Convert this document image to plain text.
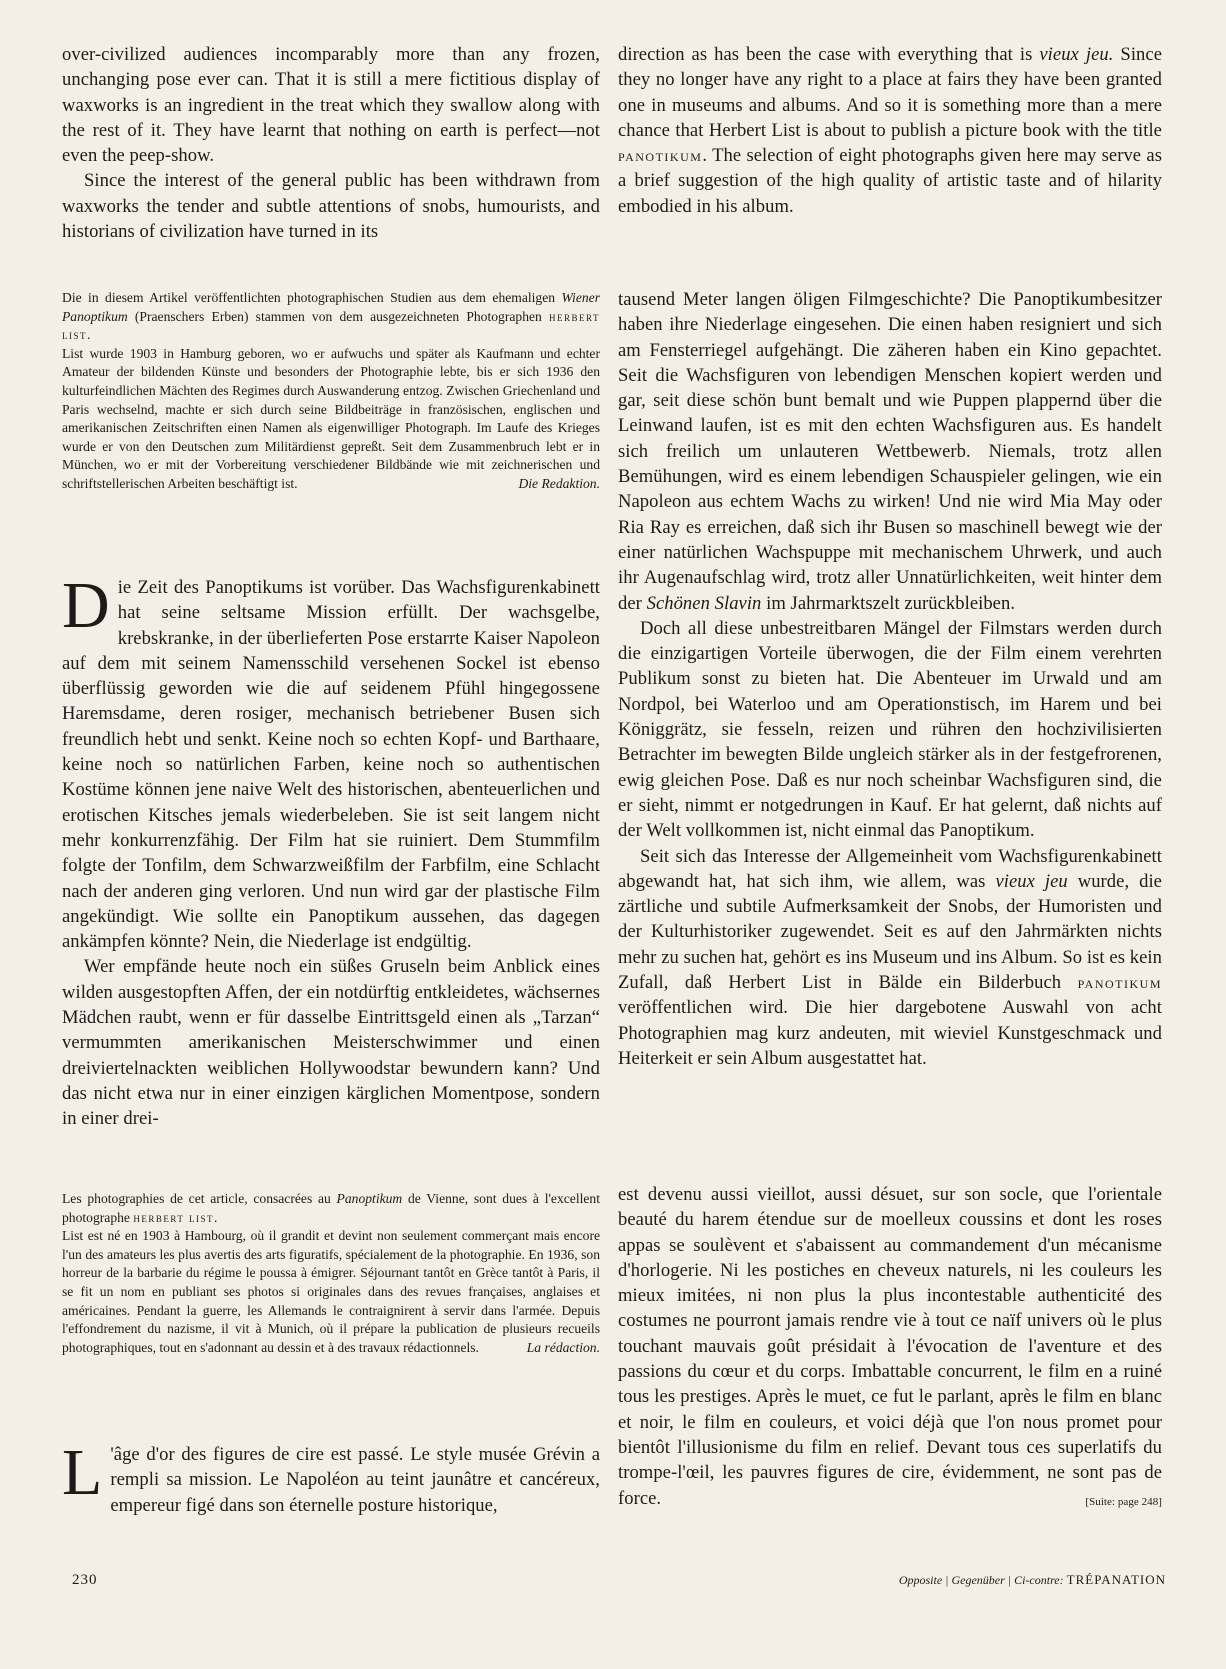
over-civilized audiences incomparably more than any frozen, unchanging pose ever can. That it is still a mere fictitious display of waxworks is an ingredient in the treat which they swallow along with the rest of it. They have learnt that nothing on earth is perfect—not even the peep-show.

Since the interest of the general public has been withdrawn from waxworks the tender and subtle attentions of snobs, humourists, and historians of civilization have turned in its

direction as has been the case with everything that is vieux jeu. Since they no longer have any right to a place at fairs they have been granted one in museums and albums. And so it is something more than a mere chance that Herbert List is about to publish a picture book with the title panotikum. The selection of eight photographs given here may serve as a brief suggestion of the high quality of artistic taste and of hilarity embodied in his album.

Die in diesem Artikel veröffentlichten photographischen Studien aus dem ehemaligen Wiener Panoptikum (Praenschers Erben) stammen von dem ausgezeichneten Photographen herbert list.

List wurde 1903 in Hamburg geboren, wo er aufwuchs und später als Kaufmann und echter Amateur der bildenden Künste und besonders der Photographie lebte, bis er sich 1936 den kulturfeindlichen Mächten des Regimes durch Auswanderung entzog. Zwischen Griechenland und Paris wechselnd, machte er sich durch seine Bildbeiträge in französischen, englischen und amerikanischen Zeitschriften einen Namen als eigenwilliger Photograph. Im Laufe des Krieges wurde er von den Deutschen zum Militärdienst gepreßt. Seit dem Zusammenbruch lebt er in München, wo er mit der Vorbereitung verschiedener Bildbände wie mit zeichnerischen und schriftstellerischen Arbeiten beschäftigt ist.	Die Redaktion.

Die Zeit des Panoptikums ist vorüber. Das Wachsfigurenkabinett hat seine seltsame Mission erfüllt. Der wachsgelbe, krebskranke, in der überlieferten Pose erstarrte Kaiser Napoleon auf dem mit seinem Namensschild versehenen Sockel ist ebenso überflüssig geworden wie die auf seidenem Pfühl hingegossene Haremsdame, deren rosiger, mechanisch betriebener Busen sich freundlich hebt und senkt. Keine noch so echten Kopf- und Barthaare, keine noch so natürlichen Farben, keine noch so authentischen Kostüme können jene naive Welt des historischen, abenteuerlichen und erotischen Kitsches jemals wiederbeleben. Sie ist seit langem nicht mehr konkurrenzfähig. Der Film hat sie ruiniert. Dem Stummfilm folgte der Tonfilm, dem Schwarzweißfilm der Farbfilm, eine Schlacht nach der anderen ging verloren. Und nun wird gar der plastische Film angekündigt. Wie sollte ein Panoptikum aussehen, das dagegen ankämpfen könnte? Nein, die Niederlage ist endgültig.

Wer empfände heute noch ein süßes Gruseln beim Anblick eines wilden ausgestopften Affen, der ein notdürftig entkleidetes, wächsernes Mädchen raubt, wenn er für dasselbe Eintrittsgeld einen als „Tarzan“ vermummten amerikanischen Meisterschwimmer und einen dreiviertelnackten weiblichen Hollywoodstar bewundern kann? Und das nicht etwa nur in einer einzigen kärglichen Momentpose, sondern in einer drei-

tausend Meter langen öligen Filmgeschichte? Die Panoptikumbesitzer haben ihre Niederlage eingesehen. Die einen haben resigniert und sich am Fensterriegel aufgehängt. Die zäheren haben ein Kino gepachtet. Seit die Wachsfiguren von lebendigen Menschen kopiert werden und gar, seit diese schön bunt bemalt und wie Puppen plappernd über die Leinwand laufen, ist es mit den echten Wachsfiguren aus. Es handelt sich freilich um unlauteren Wettbewerb. Niemals, trotz allen Bemühungen, wird es einem lebendigen Schauspieler gelingen, wie ein Napoleon aus echtem Wachs zu wirken! Und nie wird Mia May oder Ria Ray es erreichen, daß sich ihr Busen so maschinell bewegt wie der einer natürlichen Wachspuppe mit mechanischem Uhrwerk, und auch ihr Augenaufschlag wird, trotz aller Unnatürlichkeiten, weit hinter dem der Schönen Slavin im Jahrmarktszelt zurückbleiben.

Doch all diese unbestreitbaren Mängel der Filmstars werden durch die einzigartigen Vorteile überwogen, die der Film einem verehrten Publikum sonst zu bieten hat. Die Abenteuer im Urwald und am Nordpol, bei Waterloo und am Operationstisch, im Harem und bei Königgrätz, sie fesseln, reizen und rühren den hochzivilisierten Betrachter im bewegten Bilde ungleich stärker als in der festgefrorenen, ewig gleichen Pose. Daß es nur noch scheinbar Wachsfiguren sind, die er sieht, nimmt er notgedrungen in Kauf. Er hat gelernt, daß nichts auf der Welt vollkommen ist, nicht einmal das Panoptikum.

Seit sich das Interesse der Allgemeinheit vom Wachsfigurenkabinett abgewandt hat, hat sich ihm, wie allem, was vieux jeu wurde, die zärtliche und subtile Aufmerksamkeit der Snobs, der Humoristen und der Kulturhistoriker zugewendet. Seit es auf den Jahrmärkten nichts mehr zu suchen hat, gehört es ins Museum und ins Album. So ist es kein Zufall, daß Herbert List in Bälde ein Bilderbuch panotikum veröffentlichen wird. Die hier dargebotene Auswahl von acht Photographien mag kurz andeuten, mit wieviel Kunstgeschmack und Heiterkeit er sein Album ausgestattet hat.

Les photographies de cet article, consacrées au Panoptikum de Vienne, sont dues à l'excellent photographe herbert list.

List est né en 1903 à Hambourg, où il grandit et devint non seulement commerçant mais encore l'un des amateurs les plus avertis des arts figuratifs, spécialement de la photographie. En 1936, son horreur de la barbarie du régime le poussa à émigrer. Séjournant tantôt en Grèce tantôt à Paris, il se fit un nom en publiant ses photos si originales dans des revues françaises, anglaises et américaines. Pendant la guerre, les Allemands le contraignirent à servir dans l'armée. Depuis l'effondrement du nazisme, il vit à Munich, où il prépare la publication de plusieurs recueils photographiques, tout en s'adonnant au dessin et à des travaux rédactionnels.	La rédaction.

L 'âge d'or des figures de cire est passé. Le style musée Grévin a rempli sa mission. Le Napoléon au teint jaunâtre et cancéreux, empereur figé dans son éternelle posture historique,

est devenu aussi vieillot, aussi désuet, sur son socle, que l'orientale beauté du harem étendue sur de moelleux coussins et dont les roses appas se soulèvent et s'abaissent au commandement d'un mécanisme d'horlogerie. Ni les postiches en cheveux naturels, ni les couleurs les mieux imitées, ni non plus la plus incontestable authenticité des costumes ne pourront jamais rendre vie à tout ce naïf univers où le plus touchant mauvais goût présidait à l'évocation de l'aventure et des passions du cœur et du corps. Imbattable concurrent, le film en a ruiné tous les prestiges. Après le muet, ce fut le parlant, après le film en blanc et noir, le film en couleurs, et voici déjà que l'on nous promet pour bientôt l'illusionisme du film en relief. Devant tous ces superlatifs du trompe-l'œil, les pauvres figures de cire, évidemment, ne sont pas de force.	[Suite: page 248]

230	Opposite | Gegenüber | Ci-contre: TRÉPANATION
